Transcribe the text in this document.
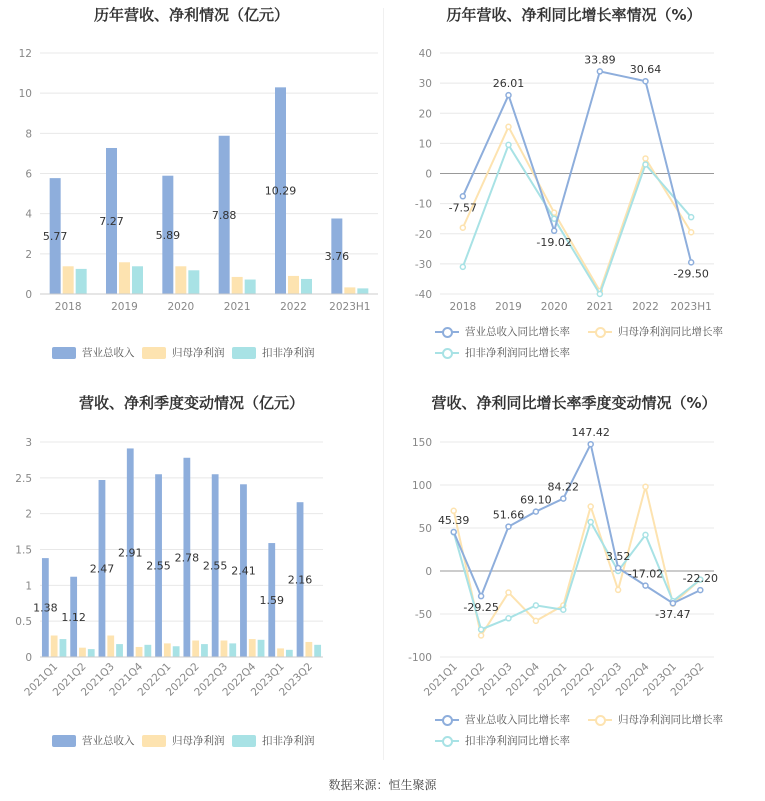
历年营收、净利情况（亿元）
0
2
4
6
8
10
12
2018	2019	2020	2021	2022 2023H1
5.77
7.27
5.89
7.88
10.29
3.76
营业总收入	归母净利润	扣非净利润
历年营收、净利同比增长率情况（%）
-40
-30
-20
-10
0
10
20
30
40
2018 2019 2020 2021 2022 2023H1
-7.57
26.01
-19.02
33.89
30.64
-29.50
营业总收入同比增长率	归母净利润同比增长率
扣非净利润同比增长率
营收、净利季度变动情况（亿元）
0
0.5
1
1.5
2
2.5
3
2021Q1
2021Q2
2021Q3
2021Q4
2022Q1
2022Q2
2022Q3
2022Q4
2023Q1
2023Q2
1.38
1.12
2.47
2.91
2.55
2.78
2.55 2.41
1.59
2.16
营业总收入	归母净利润	扣非净利润
营收、净利同比增长率季度变动情况（%）
-100
-50
0
50
100
150
2021Q1
2021Q2
2021Q3
2021Q4
2022Q1
2022Q2
2022Q3
2022Q4
2023Q1
2023Q2
45.39
-29.25
51.66
69.10
84.22
147.42
3.52
-17.02
-37.47
-22.20
营业总收入同比增长率	归母净利润同比增长率
扣非净利润同比增长率
数据来源：恒生聚源
